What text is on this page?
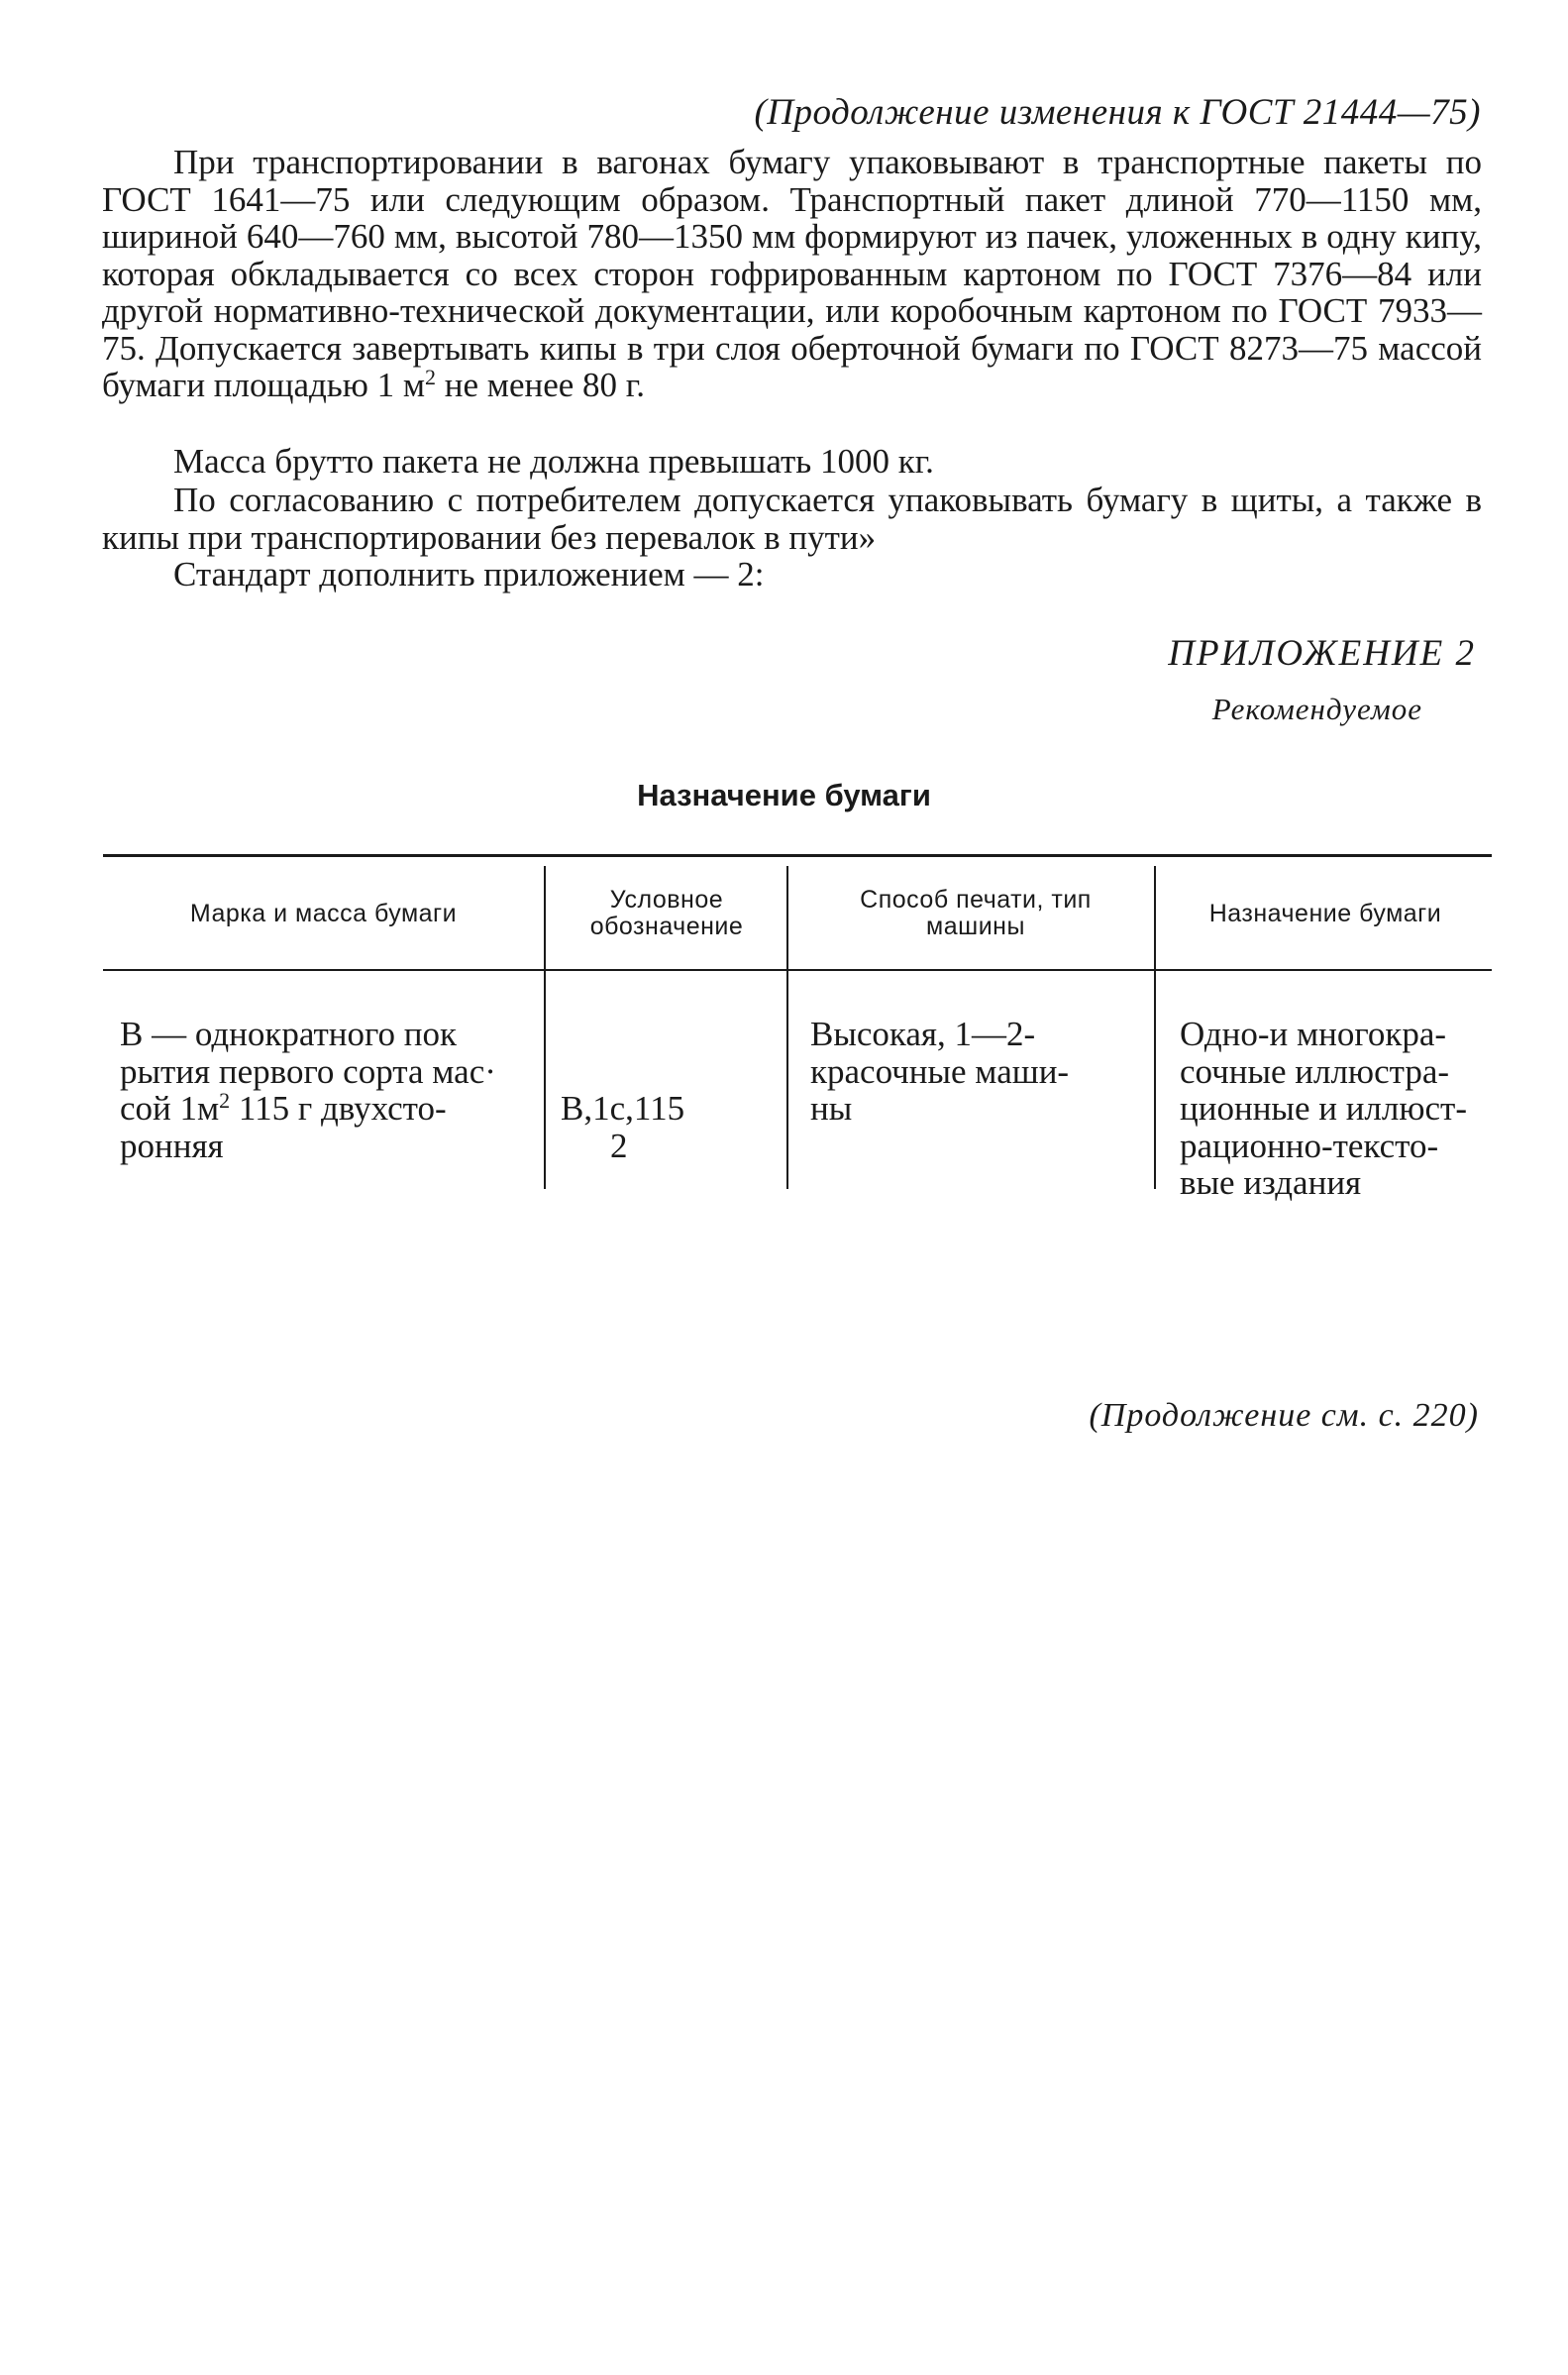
(Продолжение изменения к ГОСТ 21444—75)

При транспортировании в вагонах бумагу упаковывают в транспортные пакеты по ГОСТ 1641—75 или следующим образом. Транспортный пакет длиной 770—1150 мм, шириной 640—760 мм, высотой 780—1350 мм формируют из пачек, уложенных в одну кипу, которая обкладывается со всех сторон гофрированным картоном по ГОСТ 7376—84 или другой нормативно-технической документации, или коробочным картоном по ГОСТ 7933—75. Допускается завертывать кипы в три слоя оберточной бумаги по ГОСТ 8273—75 массой бумаги площадью 1 $м^2$ не менее 80 г.

Масса брутто пакета не должна превышать 1000 кг.

По согласованию с потребителем допускается упаковывать бумагу в щиты, а также в кипы при транспортировании без перевалок в пути»

Стандарт дополнить приложением — 2:

ПРИЛОЖЕНИЕ 2
Рекомендуемое
Назначение бумаги
Марка и масса бумаги	Условное обозначение
Способ печати, тип машины	Назначение бумаги
В — однократного пок
рытия первого сорта мас·
сой $1м^2$ 115 г двухсто-
ронняя
В,1с,115
2
Высокая, 1—2-
красочные маши-
ны
Одно-и многокра-
сочные иллюстра-
ционные и иллюст-
рационно-тексто-
вые издания
(Продолжение см. с. 220)
